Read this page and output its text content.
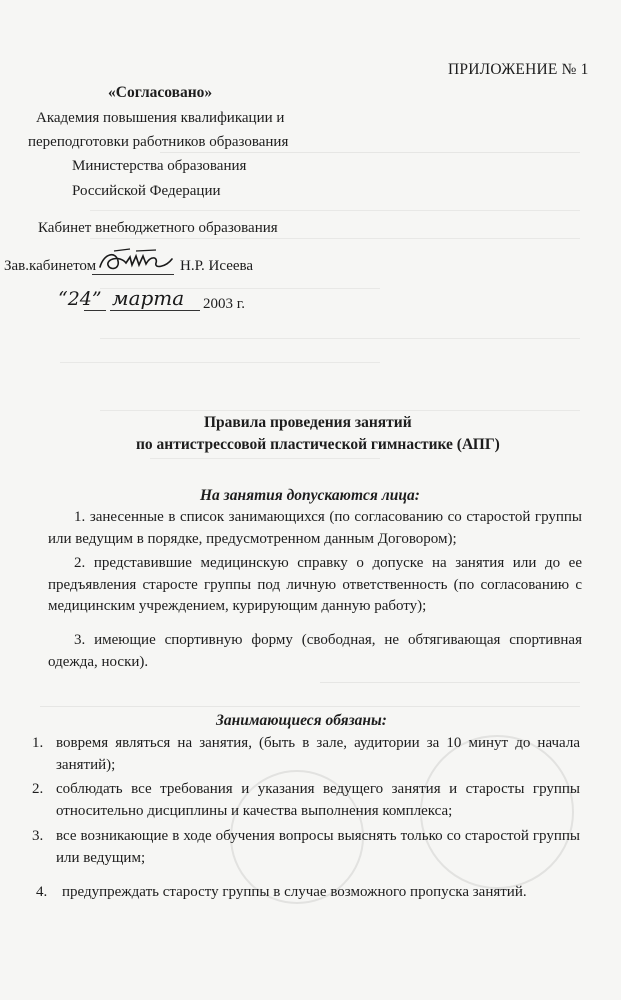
ПРИЛОЖЕНИЕ № 1
«Согласовано»
Академия повышения квалификации и
переподготовки работников образования
Министерства образования
Российской Федерации
Кабинет внебюджетного образования
Зав.кабинетом	Н.Р. Исеева
“24” марта 2003 г.
Правила проведения занятий
по антистрессовой пластической гимнастике (АПГ)
На занятия допускаются лица:
1. занесенные в список занимающихся (по согласованию со старостой группы или ведущим в порядке, предусмотренном данным Договором);
2. представившие медицинскую справку о допуске на занятия или до ее предъявления старосте группы под личную ответственность (по согласованию с медицинским учреждением, курирующим данную работу);
3. имеющие спортивную форму (свободная, не обтягивающая спортивная одежда, носки).
Занимающиеся обязаны:
1. вовремя являться на занятия, (быть в зале, аудитории за 10 минут до начала занятий);
2. соблюдать все требования и указания ведущего занятия и старосты группы относительно дисциплины и качества выполнения комплекса;
3. все возникающие в ходе обучения вопросы выяснять только со старостой группы или ведущим;
4. предупреждать старосту группы в случае возможного пропуска занятий.
